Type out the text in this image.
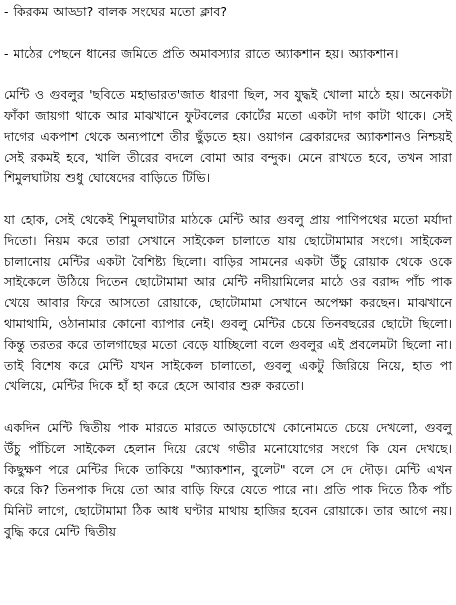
- কিরকম আড্ডা? বালক সংঘের মতো ক্লাব?

- মাঠের পেছনে ধানের জমিতে প্রতি অমাবস্যার রাতে অ্যাকশান হয়। অ্যাকশান।

মেন্টি ও গুবলুর 'ছবিতে মহাভারত'জাত ধারণা ছিল, সব যুদ্ধই খোলা মাঠে হয়। অনেকটা ফাঁকা জায়গা থাকে আর মাঝখানে ফুটবলের কোর্টের মতো একটা দাগ কাটা থাকে। সেই দাগের একপাশ থেকে অন্যপাশে তীর ছুঁড়তে হয়। ওয়াগন ব্রেকারদের অ্যাকশানও নিশ্চয়ই সেই রকমই হবে, খালি তীরের বদলে বোমা আর বন্দুক। মেনে রাখতে হবে, তখন সারা শিমুলঘাটায় শুধু ঘোষেদের বাড়িতে টিভি।

যা হোক, সেই থেকেই শিমুলঘাটার মাঠকে মেন্টি আর গুবলু প্রায় পাণিপথের মতো মর্যাদা দিতো। নিয়ম করে তারা সেখানে সাইকেল চালাতে যায় ছোটোমামার সংগে। সাইকেল চালানোয় মেন্টির একটা বৈশিষ্ট্য ছিলো। বাড়ির সামনের একটা উঁচু রোয়াক থেকে ওকে সাইকেলে উঠিয়ে দিতেন ছোটোমামা আর মেন্টি নদীয়ামিলের মাঠে ওর বরাদ্দ পাঁচ পাক খেয়ে আবার ফিরে আসতো রোয়াকে, ছোটোমামা সেখানে অপেক্ষা করছেন। মাঝখানে থামাথামি, ওঠানামার কোনো ব্যাপার নেই। গুবলু মেন্টির চেয়ে তিনবছরের ছোটো ছিলো। কিন্তু তরতর করে তালগাছের মতো বেড়ে যাচ্ছিলো বলে গুবলুর এই প্রবলেমটা ছিলো না। তাই বিশেষ করে মেন্টি যখন সাইকেল চালাতো, গুবলু একটু জিরিয়ে নিয়ে, হাত পা খেলিয়ে, মেন্টির দিকে হাঁ হা করে হেসে আবার শুরু করতো।

একদিন মেন্টি দ্বিতীয় পাক মারতে মারতে আড়চোখে কোনোমতে চেয়ে দেখলো, গুবলু উঁচু পাঁচিলে সাইকেল হেলান দিয়ে রেখে গভীর মনোযোগের সংগে কি যেন দেখছে। কিছুক্ষণ পরে মেন্টির দিকে তাকিয়ে "অ্যাকশান, বুলেট" বলে সে দে দৌড়। মেন্টি এখন করে কি? তিনপাক দিয়ে তো আর বাড়ি ফিরে যেতে পারে না। প্রতি পাক দিতে ঠিক পাঁচ মিনিট লাগে, ছোটোমামা ঠিক আধ ঘণ্টার মাথায় হাজির হবেন রোয়াকে। তার আগে নয়। বুদ্ধি করে মেন্টি দ্বিতীয়
